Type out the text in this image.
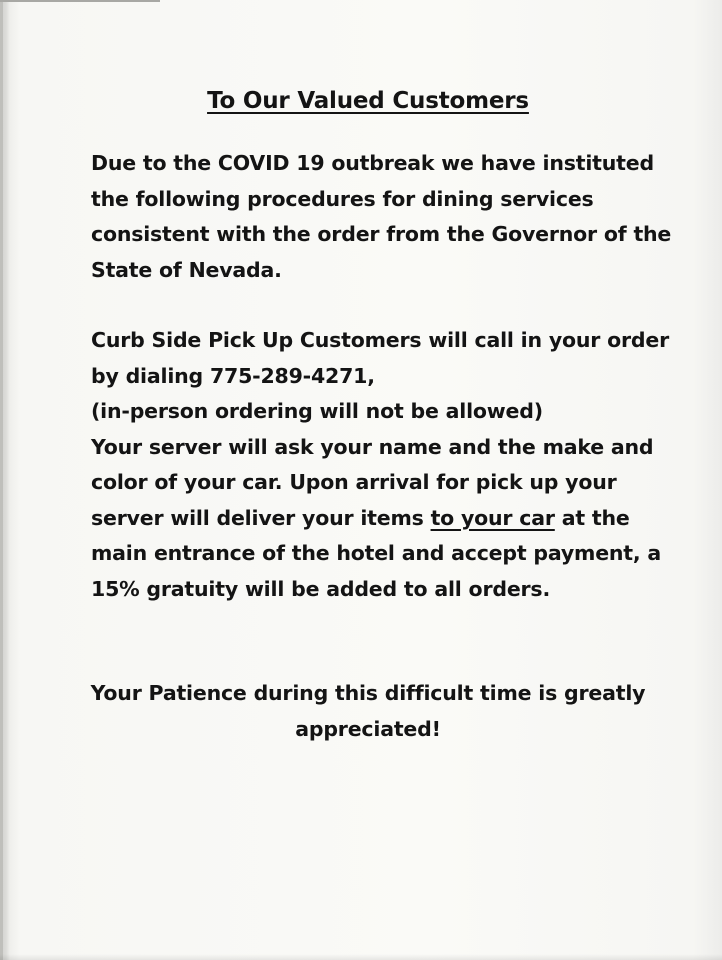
To Our Valued Customers
Due to the COVID 19 outbreak we have instituted
the following procedures for dining services
consistent with the order from the Governor of the
State of Nevada.
Curb Side Pick Up Customers will call in your order
by dialing 775-289-4271,
(in-person ordering will not be allowed)
Your server will ask your name and the make and
color of your car. Upon arrival for pick up your
server will deliver your items to your car at the
main entrance of the hotel and accept payment, a
15% gratuity will be added to all orders.
Your Patience during this difficult time is greatly
appreciated!
